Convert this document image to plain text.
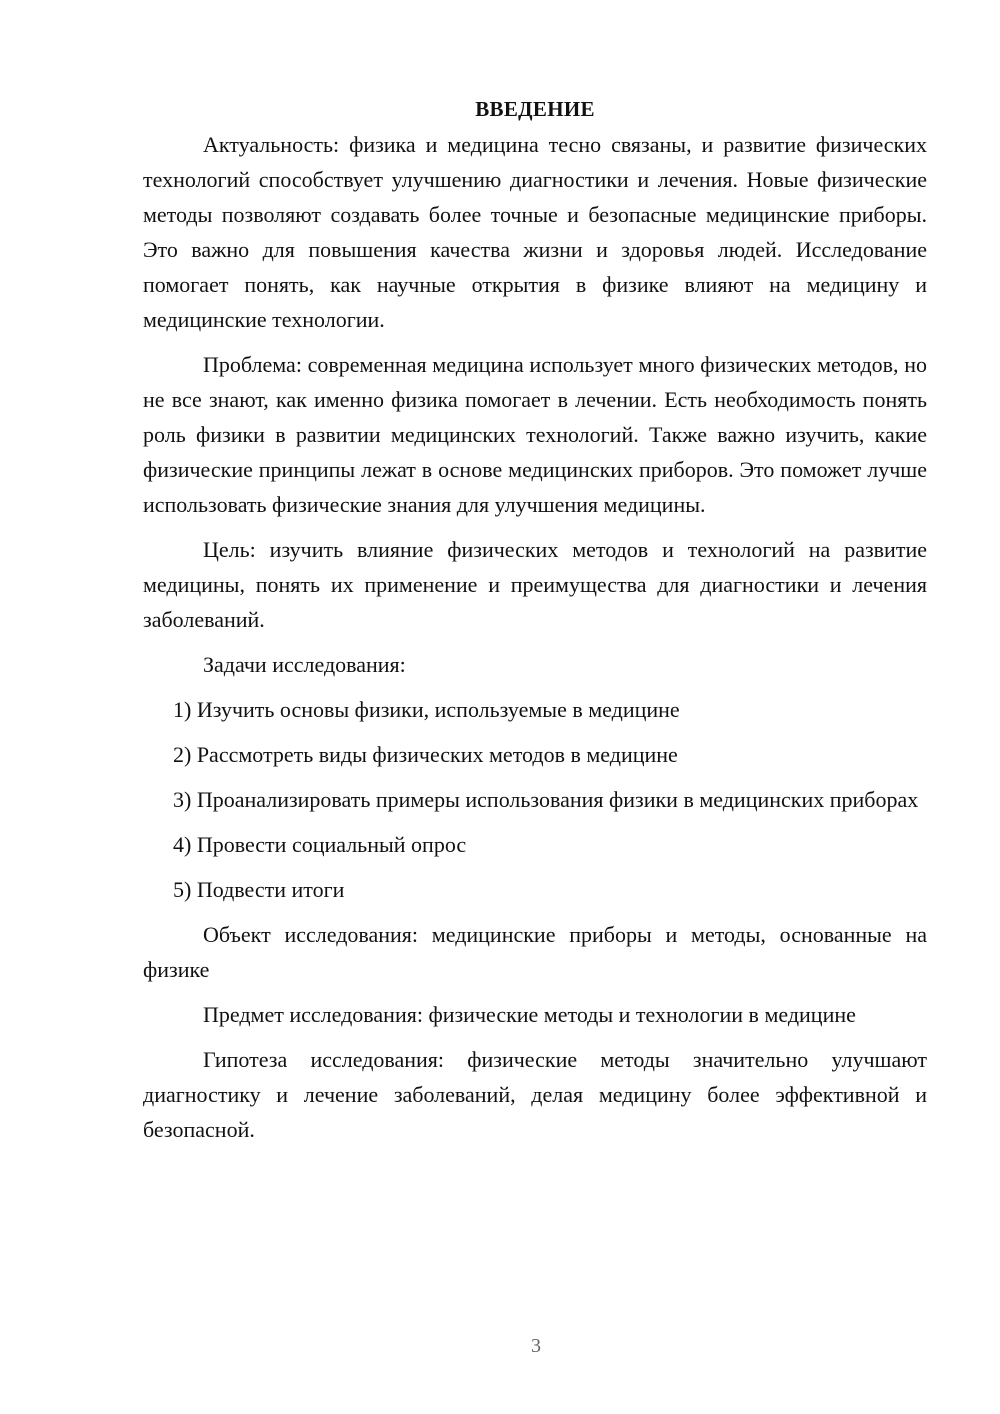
ВВЕДЕНИЕ

Актуальность: физика и медицина тесно связаны, и развитие физических технологий способствует улучшению диагностики и лечения. Новые физические методы позволяют создавать более точные и безопасные медицинские приборы. Это важно для повышения качества жизни и здоровья людей. Исследование помогает понять, как научные открытия в физике влияют на медицину и медицинские технологии.

Проблема: современная медицина использует много физических методов, но не все знают, как именно физика помогает в лечении. Есть необходимость понять роль физики в развитии медицинских технологий. Также важно изучить, какие физические принципы лежат в основе медицинских приборов. Это поможет лучше использовать физические знания для улучшения медицины.

Цель: изучить влияние физических методов и технологий на развитие медицины, понять их применение и преимущества для диагностики и лечения заболеваний.

Задачи исследования:

1) Изучить основы физики, используемые в медицине

2) Рассмотреть виды физических методов в медицине

3) Проанализировать примеры использования физики в медицинских приборах

4) Провести социальный опрос

5) Подвести итоги

Объект исследования: медицинские приборы и методы, основанные на физике

Предмет исследования: физические методы и технологии в медицине

Гипотеза исследования: физические методы значительно улучшают диагностику и лечение заболеваний, делая медицину более эффективной и безопасной.

3
